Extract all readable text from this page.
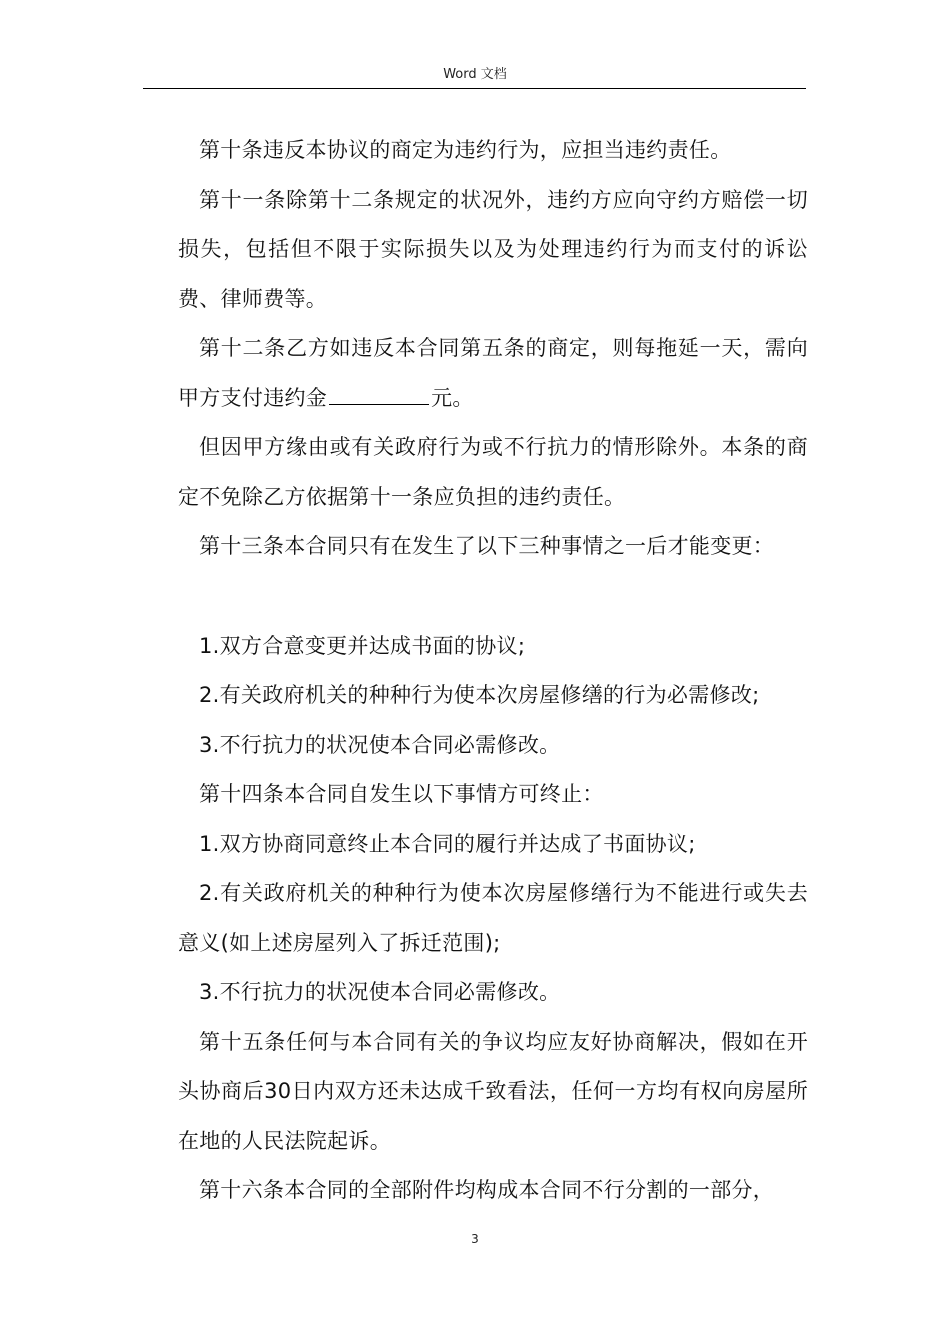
Word 文档

第十条违反本协议的商定为违约行为，应担当违约责任。

第十一条除第十二条规定的状况外，违约方应向守约方赔偿一切损失，包括但不限于实际损失以及为处理违约行为而支付的诉讼费、律师费等。

第十二条乙方如违反本合同第五条的商定，则每拖延一天，需向甲方支付违约金	元。

但因甲方缘由或有关政府行为或不行抗力的情形除外。本条的商定不免除乙方依据第十一条应负担的违约责任。

第十三条本合同只有在发生了以下三种事情之一后才能变更：

1.双方合意变更并达成书面的协议;

2.有关政府机关的种种行为使本次房屋修缮的行为必需修改;

3.不行抗力的状况使本合同必需修改。

第十四条本合同自发生以下事情方可终止：

1.双方协商同意终止本合同的履行并达成了书面协议;

2.有关政府机关的种种行为使本次房屋修缮行为不能进行或失去意义(如上述房屋列入了拆迁范围);

3.不行抗力的状况使本合同必需修改。

第十五条任何与本合同有关的争议均应友好协商解决，假如在开头协商后30日内双方还未达成千致看法，任何一方均有权向房屋所在地的人民法院起诉。

第十六条本合同的全部附件均构成本合同不行分割的一部分，

3
